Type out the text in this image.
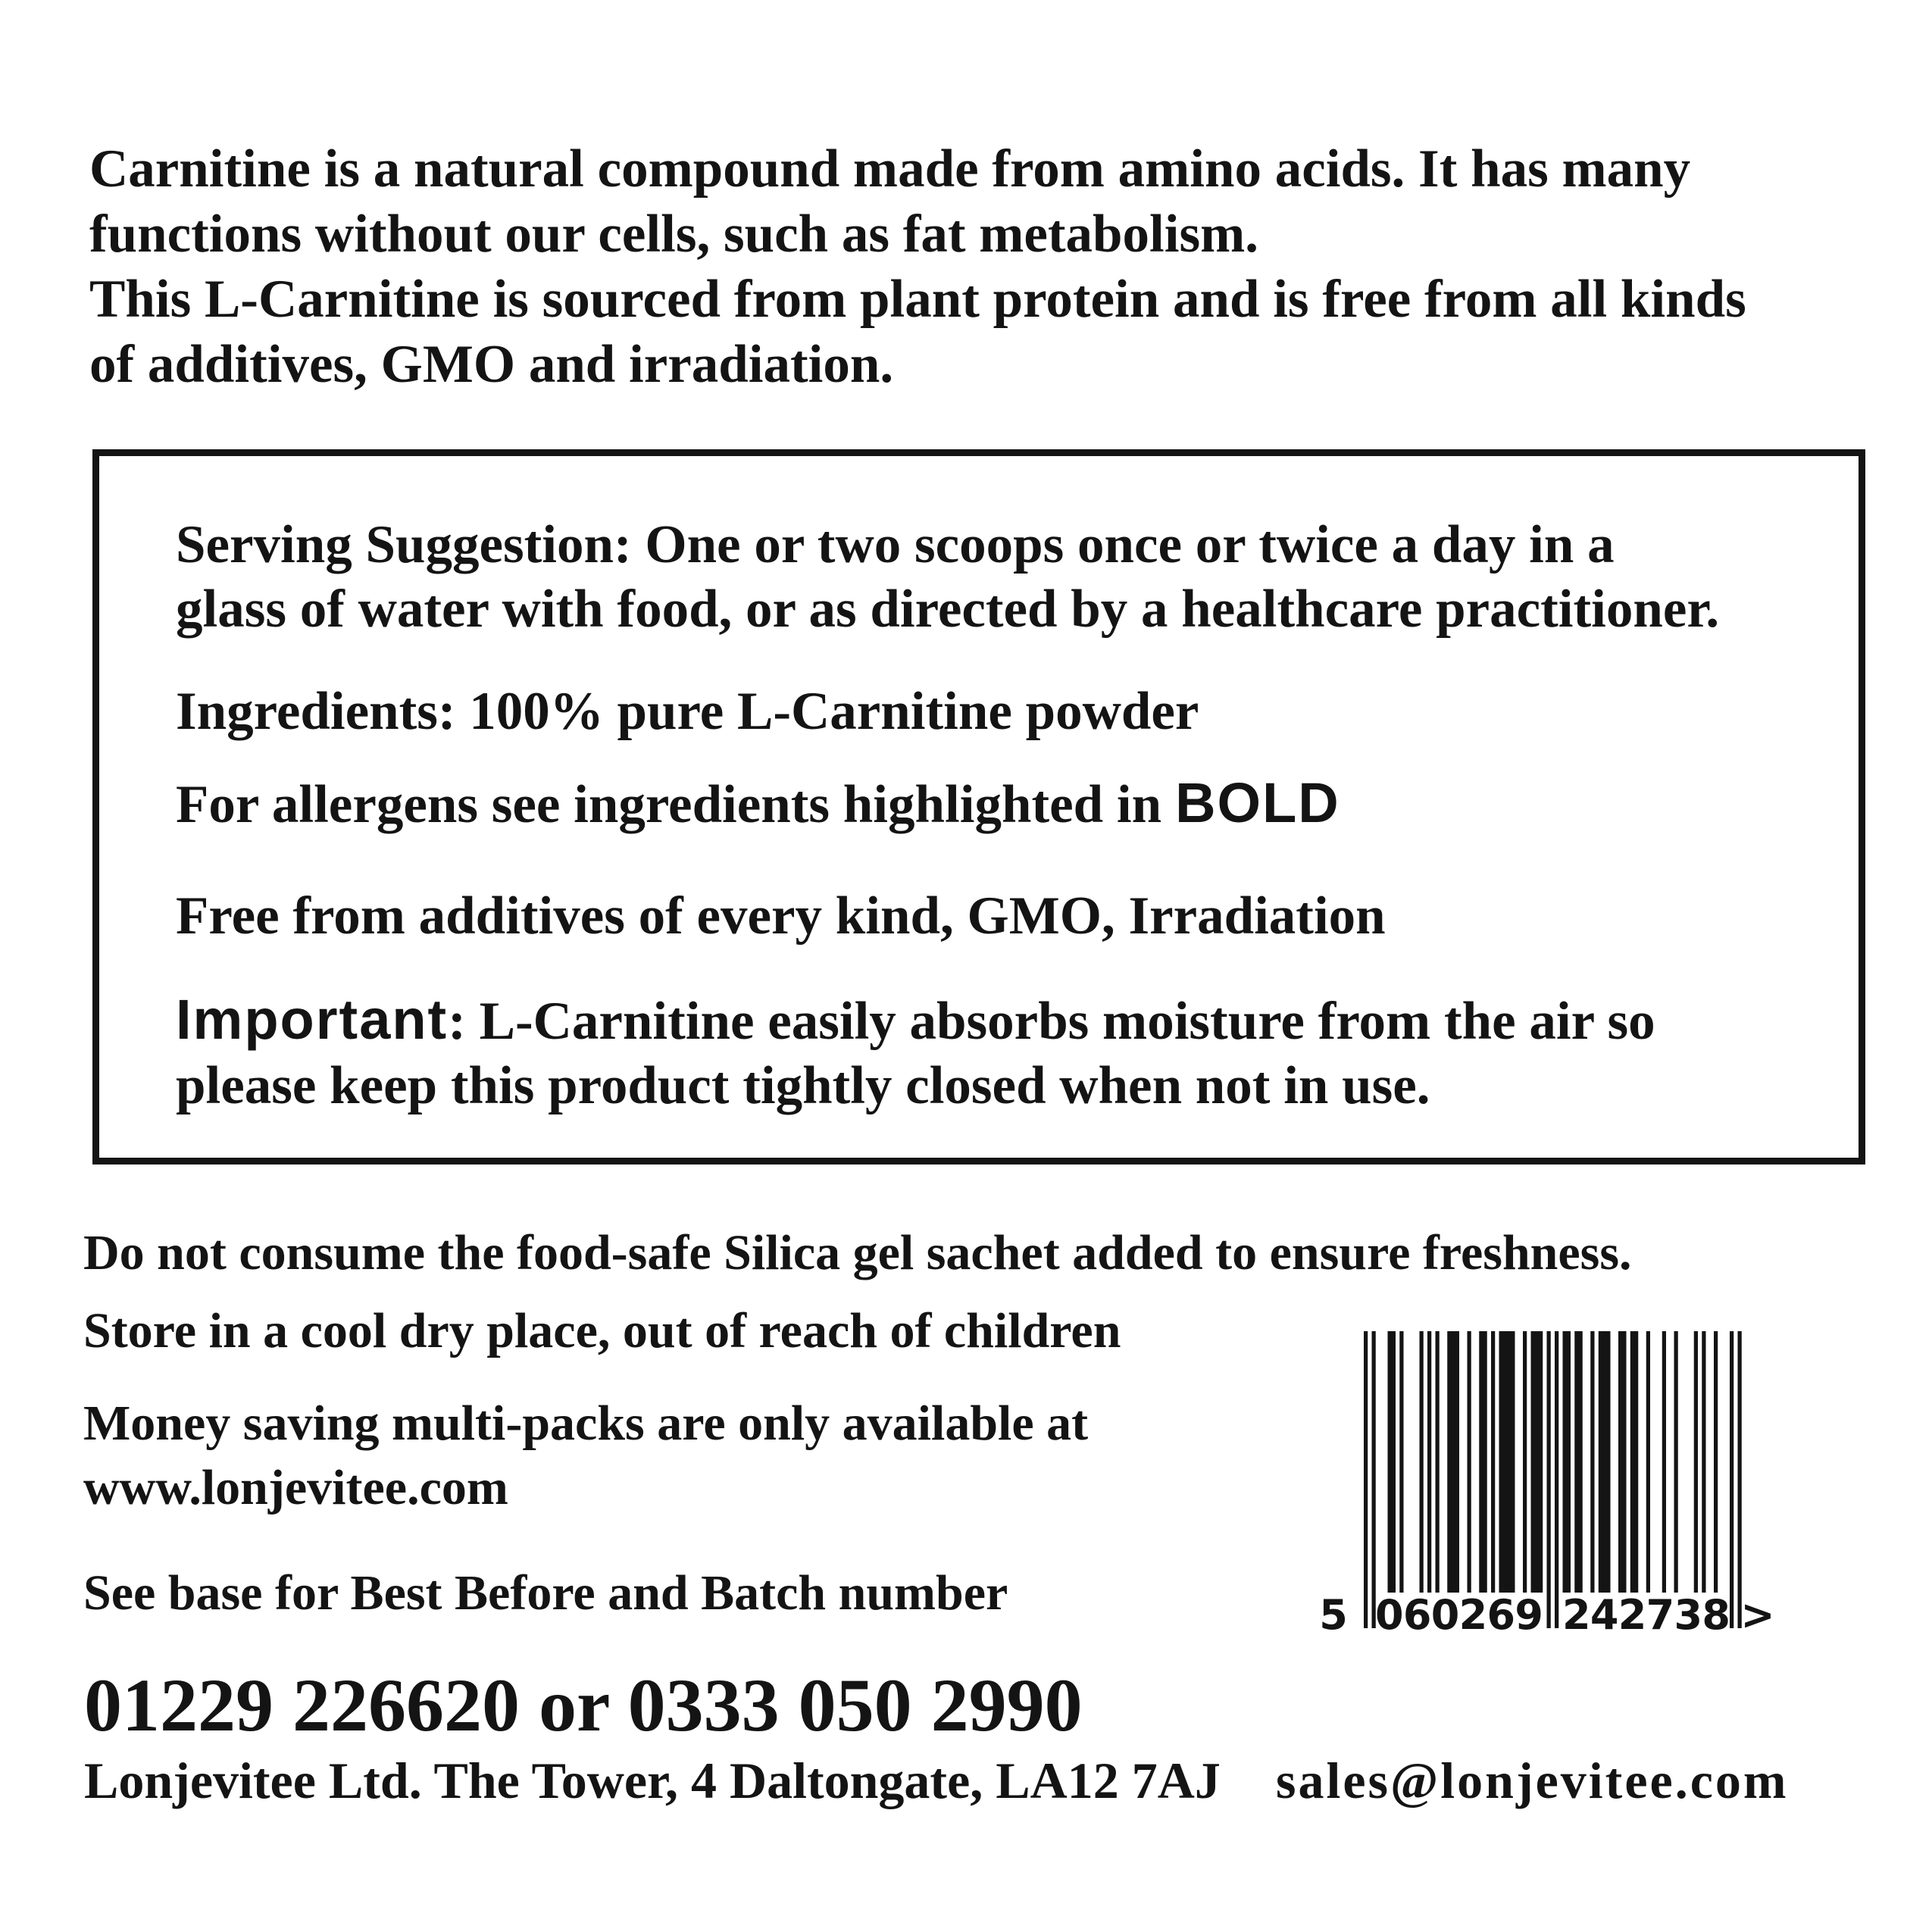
Carnitine is a natural compound made from amino acids. It has many
functions without our cells, such as fat metabolism.
This L-Carnitine is sourced from plant protein and is free from all kinds
of additives, GMO and irradiation.
Serving Suggestion: One or two scoops once or twice a day in a
glass of water with food, or as directed by a healthcare practitioner.
Ingredients: 100% pure L-Carnitine powder
For allergens see ingredients highlighted in BOLD
Free from additives of every kind, GMO, Irradiation
Important: L-Carnitine easily absorbs moisture from the air so
please keep this product tightly closed when not in use.
Do not consume the food-safe Silica gel sachet added to ensure freshness.
Store in a cool dry place, out of reach of children
Money saving multi-packs are only available at
www.lonjevitee.com
See base for Best Before and Batch number	5 060269 242738 >
01229 226620 or 0333 050 2990
Lonjevitee Ltd. The Tower, 4 Daltongate, LA12 7AJ sales@lonjevitee.com
